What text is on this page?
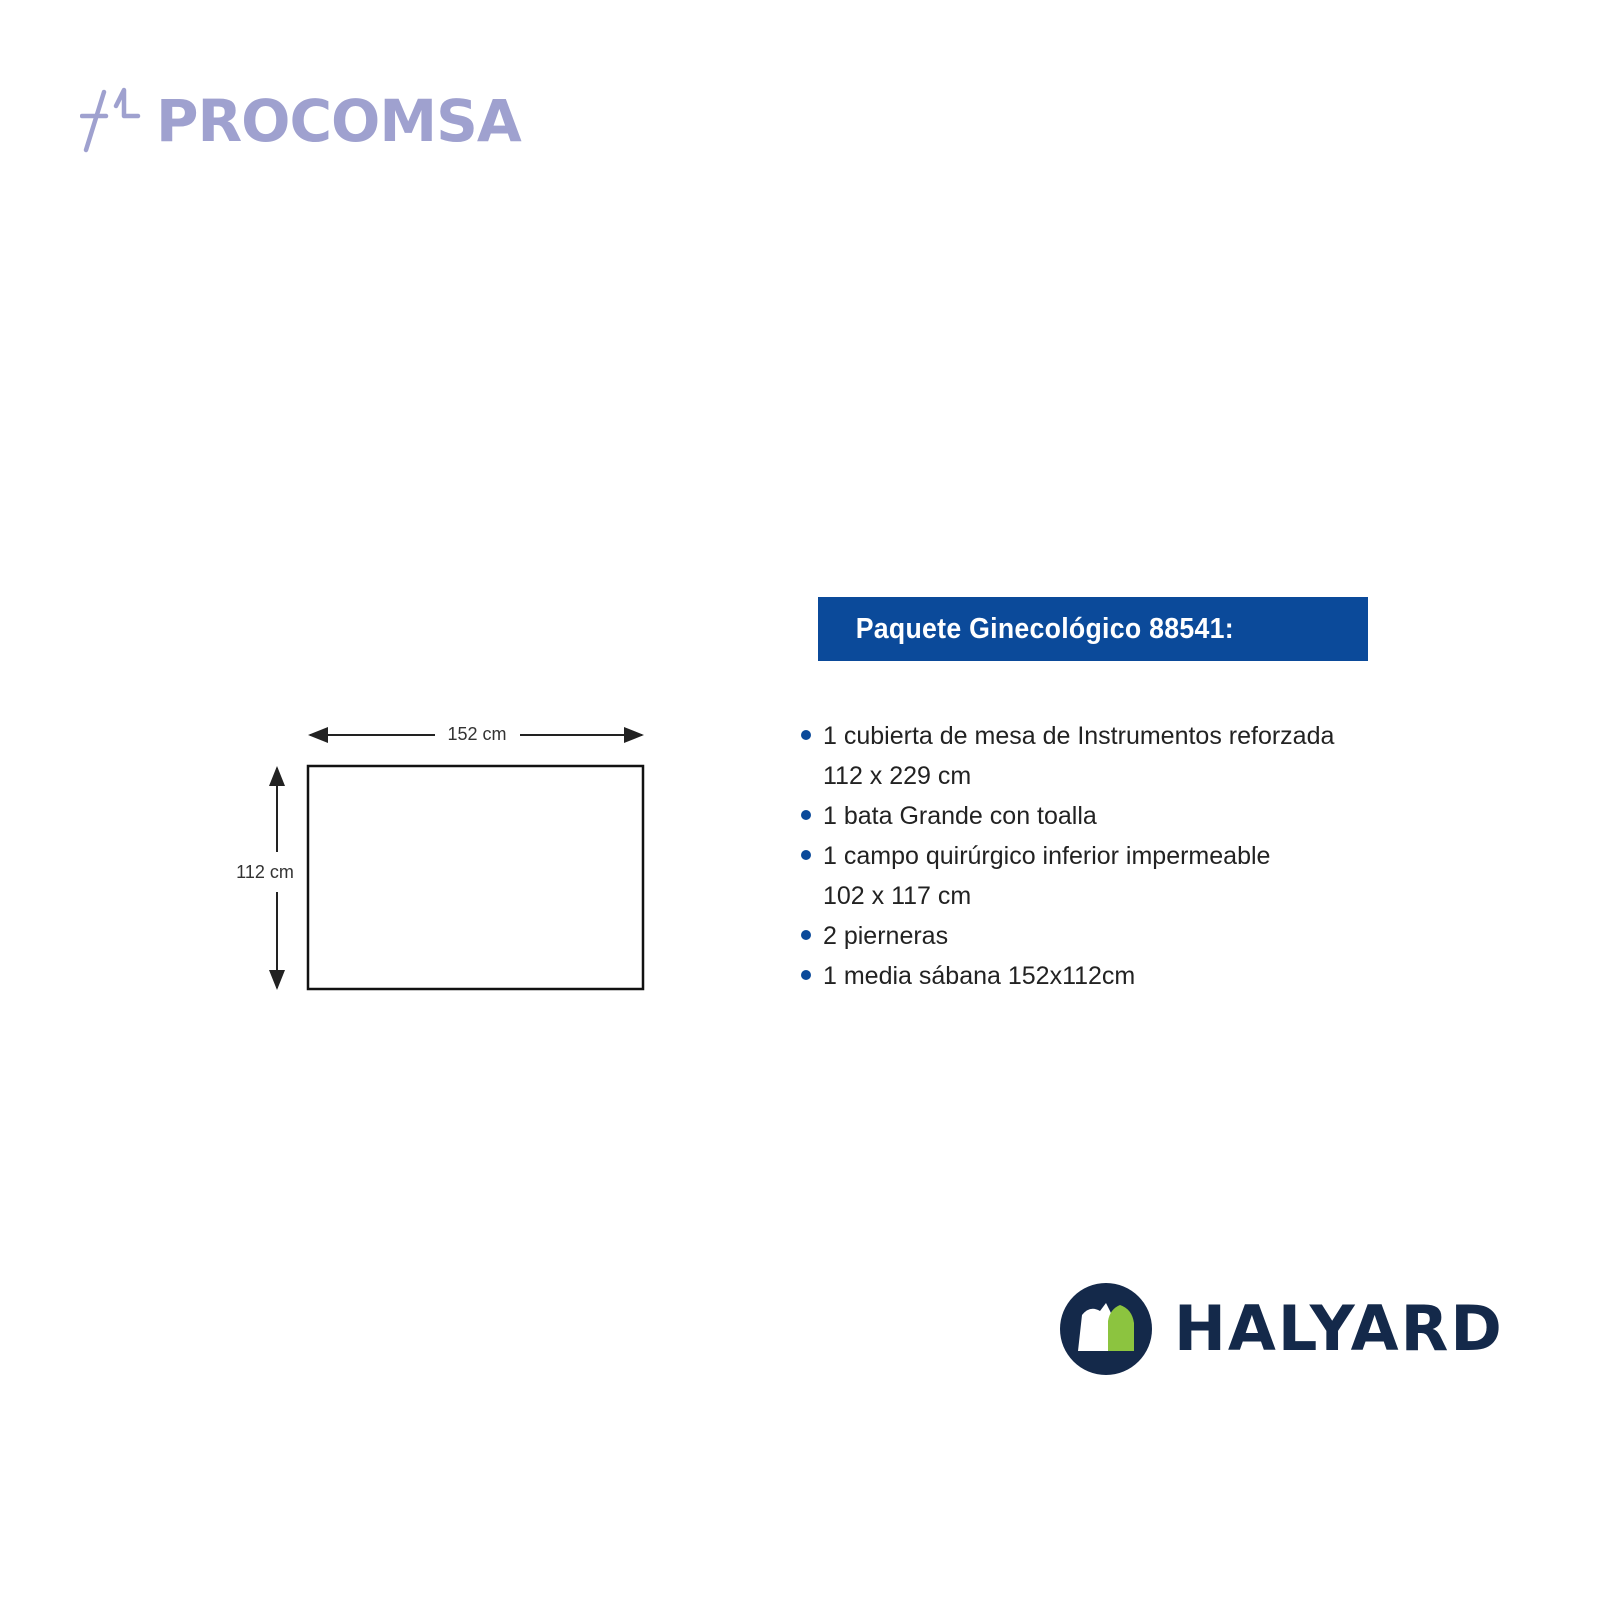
PROCOMSA
152 cm
112 cm
Paquete Ginecológico 88541:
1 cubierta de mesa de Instrumentos reforzada
112 x 229 cm
1 bata Grande con toalla
1 campo quirúrgico inferior impermeable
102 x 117 cm
2 pierneras
1 media sábana 152x112cm
HALYARD
